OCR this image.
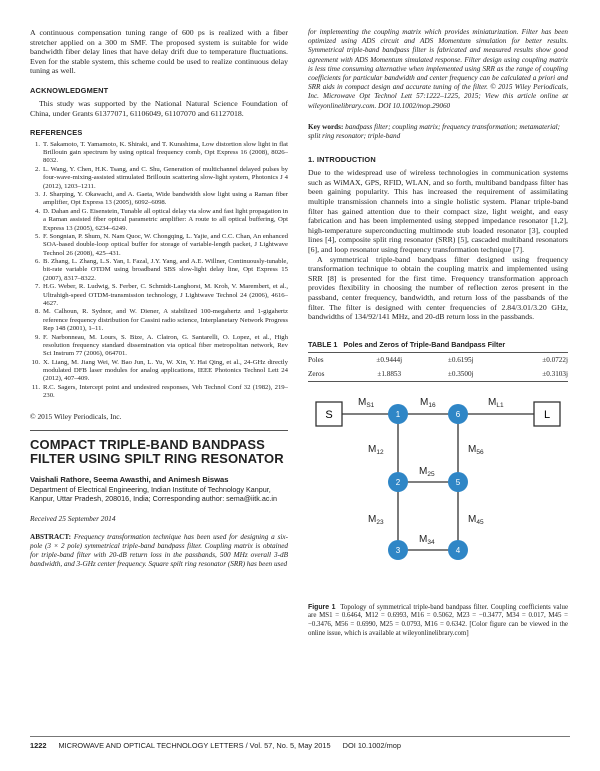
A continuous compensation tuning range of 600 ps is realized with a fiber stretcher applied on a 300 m SMF. The proposed system is suitable for wide bandwidth fiber delay lines that have delay drift due to temperature fluctuations. Even for the stable system, this scheme could be used to realize continuous delay tuning as well.

ACKNOWLEDGMENT

This study was supported by the National Natural Science Foundation of China, under Grants 61377071, 61106049, 61107070 and 61127018.

REFERENCES
1. T. Sakamoto, T. Yamamoto, K. Shiraki, and T. Kurashima, Low distortion slow light in flat Brillouin gain spectrum by using optical frequency comb, Opt Express 16 (2008), 8026–8032.
2. L. Wang, Y. Chen, H.K. Tsang, and C. Shu, Generation of multichannel delayed pulses by four-wave-mixing-assisted stimulated Brillouin scattering slow-light system, Photonics J 4 (2012), 1203–1211.
3. J. Sharping, Y. Okawachi, and A. Gaeta, Wide bandwidth slow light using a Raman fiber amplifier, Opt Express 13 (2005), 6092–6098.
4. D. Dahan and G. Eisenstein, Tunable all optical delay via slow and fast light propagation in a Raman assisted fiber optical parametric amplifier: A route to all optical buffering, Opt Express 13 (2005), 6234–6249.
5. F. Songnian, P. Shum, N. Nam Quoc, W. Chongqing, L. Yajie, and C.C. Chan, An enhanced SOA-based double-loop optical buffer for storage of variable-length packet, J Lightwave Technol 26 (2008), 425–431.
6. B. Zhang, L. Zhang, L.S. Yan, I. Fazal, J.Y. Yang, and A.E. Willner, Continuously-tunable, bit-rate variable OTDM using broadband SBS slow-light delay line, Opt Express 15 (2007), 8317–8322.
7. H.G. Weber, R. Ludwig, S. Ferber, C. Schmidt-Langhorst, M. Kroh, V. Marembert, et al., Ultrahigh-speed OTDM-transmission technology, J Lightwave Technol 24 (2006), 4616–4627.
8. M. Calhoun, R. Sydnor, and W. Diener, A stabilized 100-megahertz and 1-gigahertz reference frequency distribution for Cassini radio science, Interplanetary Network Progress Rep 148 (2001), 1–11.
9. F. Narbonneau, M. Lours, S. Bize, A. Clairon, G. Santarelli, O. Lopez, et al., High resolution frequency standard dissemination via optical fiber metropolitan network, Rev Sci Instrum 77 (2006), 064701.
10. X. Liang, M. Jiang Wei, W. Bao Jun, L. Yu, W. Xin, Y. Hai Qing, et al., 24-GHz directly modulated DFB laser modules for analog applications, IEEE Photonics Technol Lett 24 (2012), 407–409.
11. R.C. Sagers, Intercept point and undesired responses, Veh Technol Conf 32 (1982), 219–230.
© 2015 Wiley Periodicals, Inc.
COMPACT TRIPLE-BAND BANDPASS FILTER USING SPILT RING RESONATOR
Vaishali Rathore, Seema Awasthi, and Animesh Biswas
Department of Electrical Engineering, Indian Institute of Technology Kanpur, Kanpur, Uttar Pradesh, 208016, India; Corresponding author: sema@iitk.ac.in
Received 25 September 2014
ABSTRACT: Frequency transformation technique has been used for designing a six-pole (3 × 2 pole) symmetrical triple-band bandpass filter. Coupling matrix is obtained for triple-band filter with 20-dB return loss in the passbands, 500 MHz overall 3-dB bandwidth, and 3-GHz center frequency. Square spilt ring resonator (SRR) has been used
for implementing the coupling matrix which provides miniaturization. Filter has been optimized using ADS circuit and ADS Momentum simulation for better results. Symmetrical triple-band bandpass filter is fabricated and measured results show good agreement with ADS Momentum simulated response. Filter design using coupling matrix is less time consuming alternative when implemented using SRR as the range of coupling coefficients for particular bandwidth and center frequency can be calculated a priori and SRR aids in compact design and accurate tuning of the filter. © 2015 Wiley Periodicals, Inc. Microwave Opt Technol Lett 57:1222–1225, 2015; View this article online at wileyonlinelibrary.com. DOI 10.1002/mop.29060
Key words: bandpass filter; coupling matrix; frequency transformation; metamaterial; split ring resonator; triple-band
1. INTRODUCTION

Due to the widespread use of wireless technologies in communication systems such as WiMAX, GPS, RFID, WLAN, and so forth, multiband bandpass filter has been gaining popularity. This has increased the requirement of assimilating multiple transmission channels into a single holistic system. Planar triple-band filter has gained attention due to their compact size, light weight, and easy fabrication and has been implemented using stepped impedance resonator [1,2], high-temperature superconducting multimode stub loaded resonator [3], coupled lines [4], composite split ring resonator (SRR) [5], cascaded multiband resonators [6], and loop resonator using frequency transformation technique [7].

A symmetrical triple-band bandpass filter designed using frequency transformation technique to obtain the coupling matrix and implemented using SRR [8] is presented for the first time. Frequency transformation approach provides flexibility in choosing the number of reflection zeros present in the passband, center frequency, bandwidth, and return loss of the passbands of the filter. The filter is designed with center frequencies of 2.84/3.01/3.20 GHz, bandwidths of 134/92/141 MHz, and 20-dB return loss in the passbands.

TABLE 1 Poles and Zeros of Triple-Band Bandpass Filter
Poles	±0.9444j	±0.6195j	±0.0722j
Zeros	±1.8853	±0.3500j	±0.3103j
S	L
1	6
2	5
3	4
$M_{S1}$	$M_{16}$	$M_{L1}$
$M_{12}$	$M_{56}$
$M_{25}$
$M_{23}$	$M_{45}$
$M_{34}$
Figure 1 Topology of symmetrical triple-band bandpass filter. Coupling coefficients value are MS1 = 0.6464, M12 = 0.6993, M16 = 0.5062, M23 = −0.3477, M34 = 0.017, M45 = −0.3476, M56 = 0.6990, M25 = 0.0793, M16 = 0.6342. [Color figure can be viewed in the online issue, which is available at wileyonlinelibrary.com]
1222 MICROWAVE AND OPTICAL TECHNOLOGY LETTERS / Vol. 57, No. 5, May 2015 DOI 10.1002/mop
